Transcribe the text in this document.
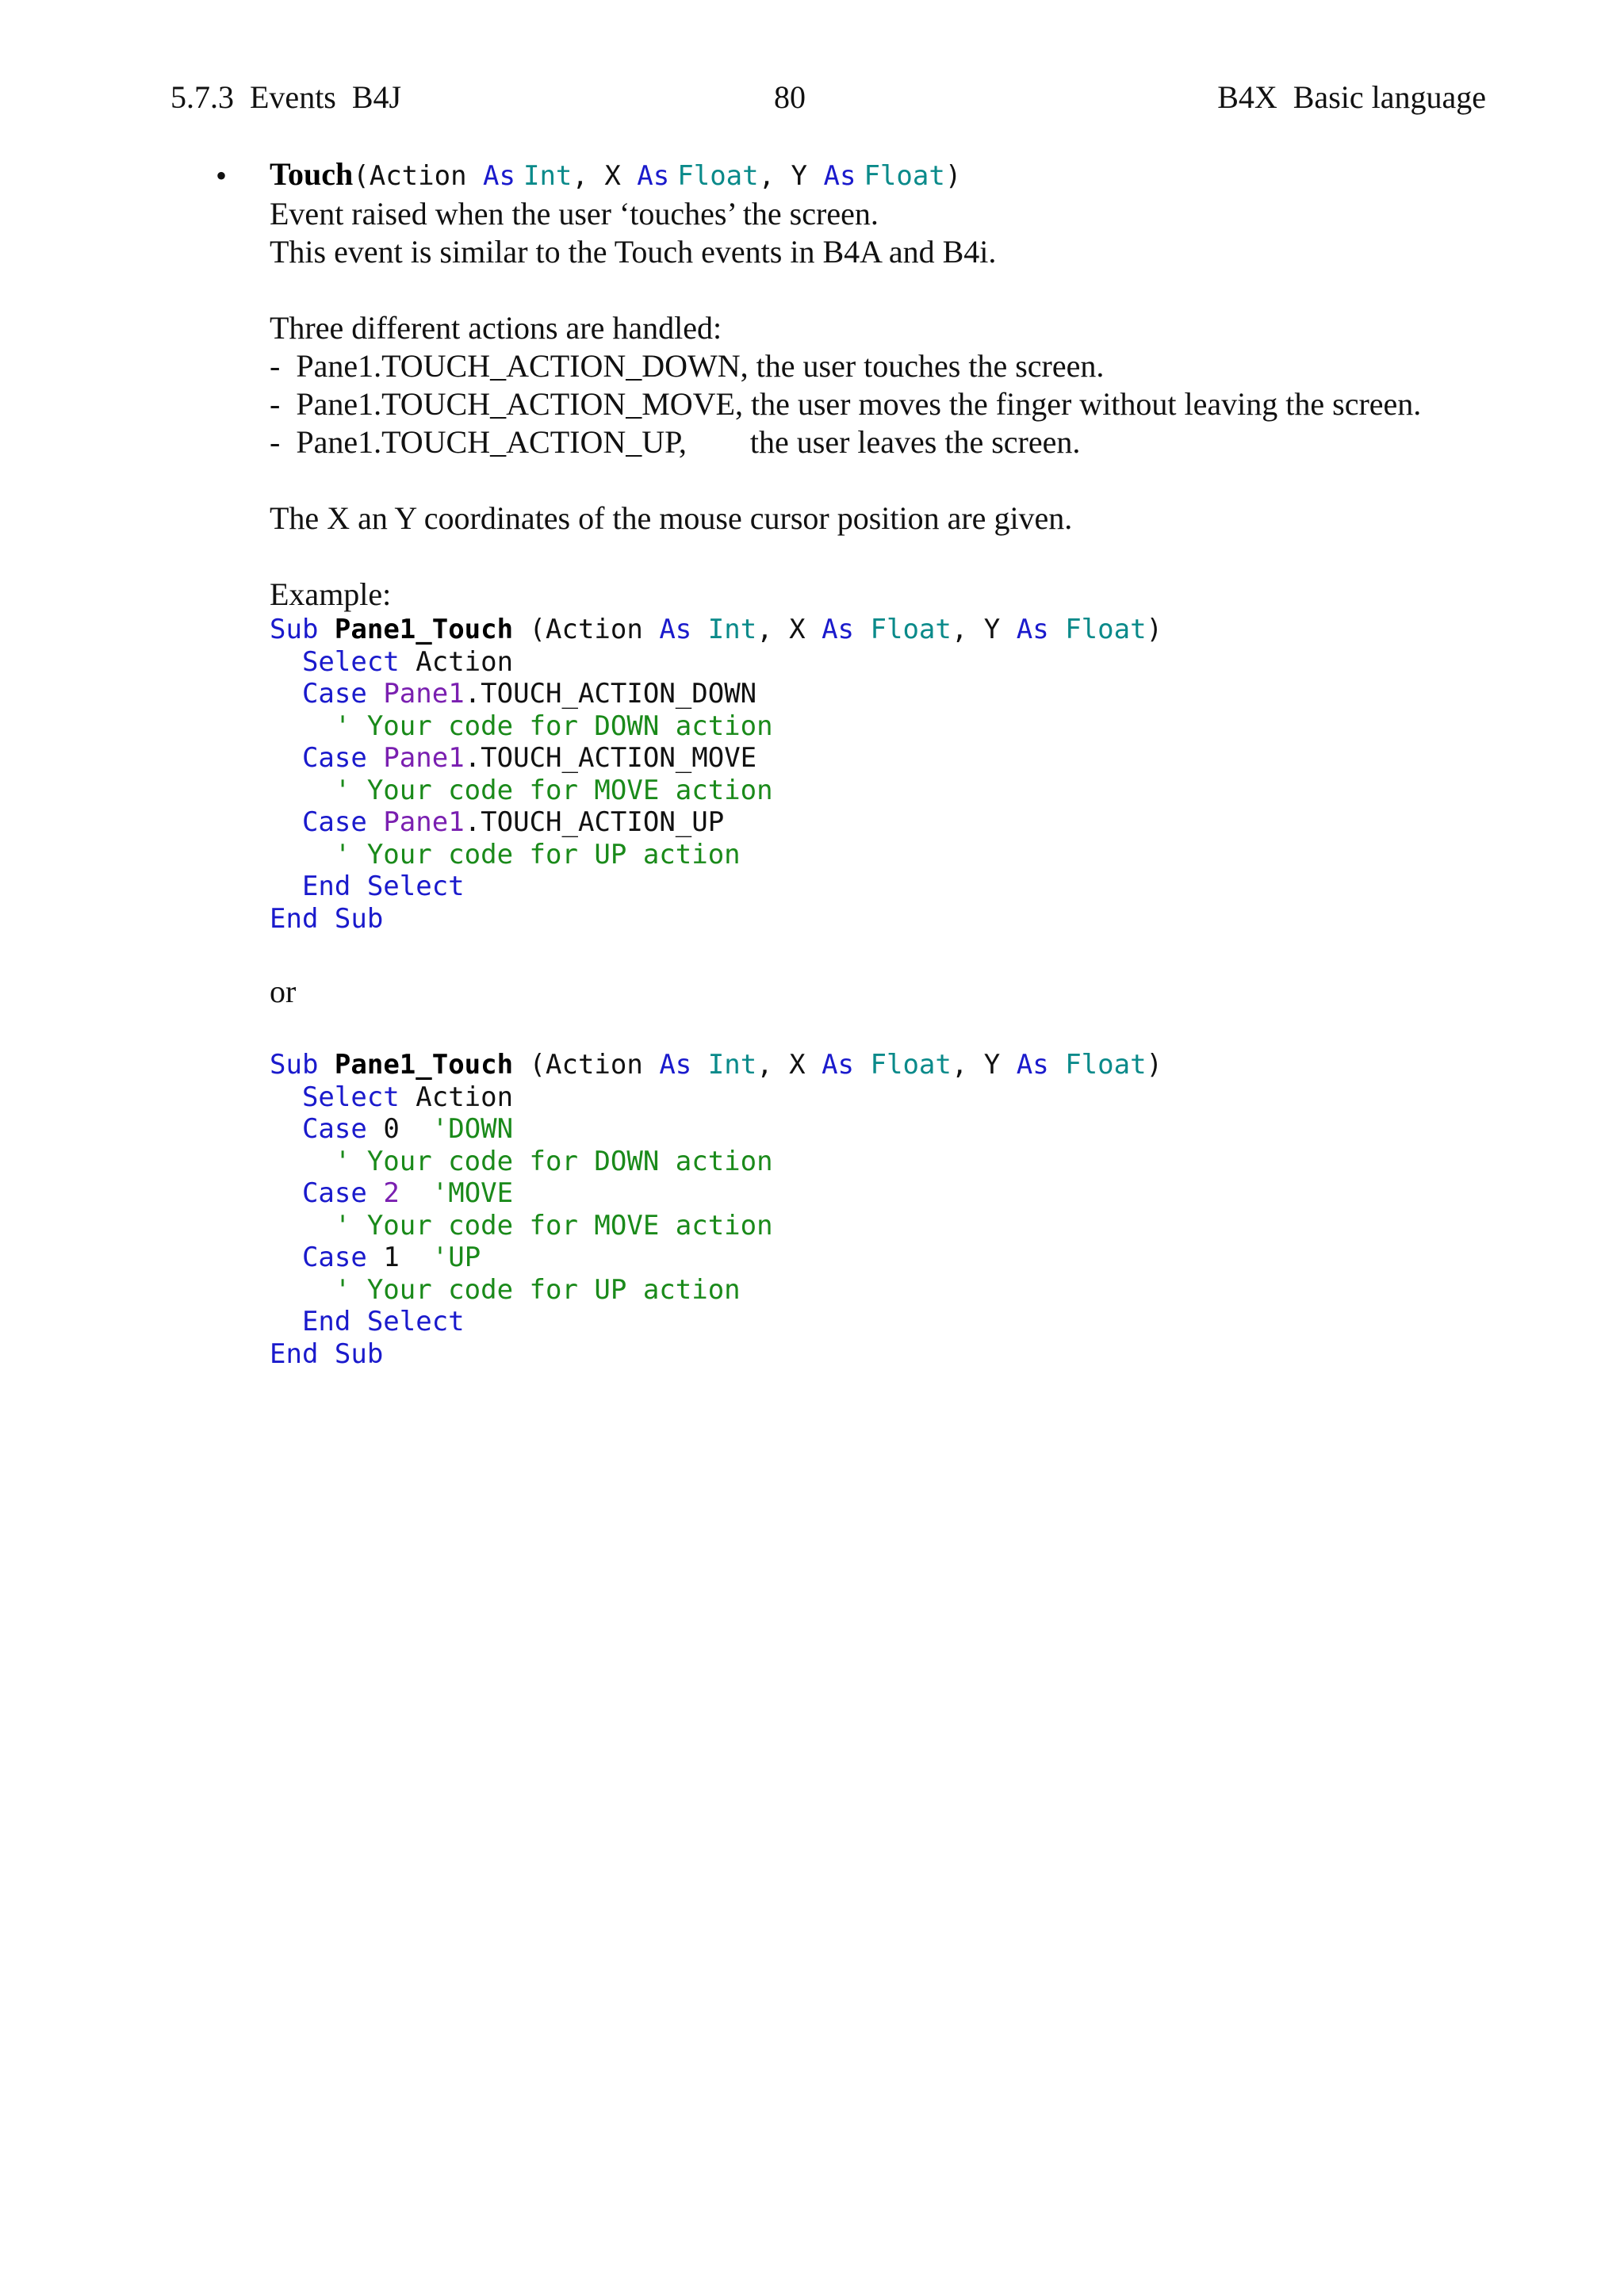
5.7.3  Events  B4J	80	B4X  Basic language
• Touch(Action As Int, X As Float, Y As Float)

Event raised when the user ‘touches’ the screen.

This event is similar to the Touch events in B4A and B4i.

Three different actions are handled:

-  Pane1.TOUCH_ACTION_DOWN, the user touches the screen.

-  Pane1.TOUCH_ACTION_MOVE, the user moves the finger without leaving the screen.

-  Pane1.TOUCH_ACTION_UP, the user leaves the screen.

The X an Y coordinates of the mouse cursor position are given.

Example:

Sub Pane1_Touch (Action As Int, X As Float, Y As Float)

Select Action

Case Pane1.TOUCH_ACTION_DOWN

' Your code for DOWN action

Case Pane1.TOUCH_ACTION_MOVE

' Your code for MOVE action

Case Pane1.TOUCH_ACTION_UP

' Your code for UP action

End Select

End Sub

or

Sub Pane1_Touch (Action As Int, X As Float, Y As Float)

Select Action

Case 0 'DOWN

' Your code for DOWN action

Case 2 'MOVE

' Your code for MOVE action

Case 1 'UP

' Your code for UP action

End Select

End Sub
